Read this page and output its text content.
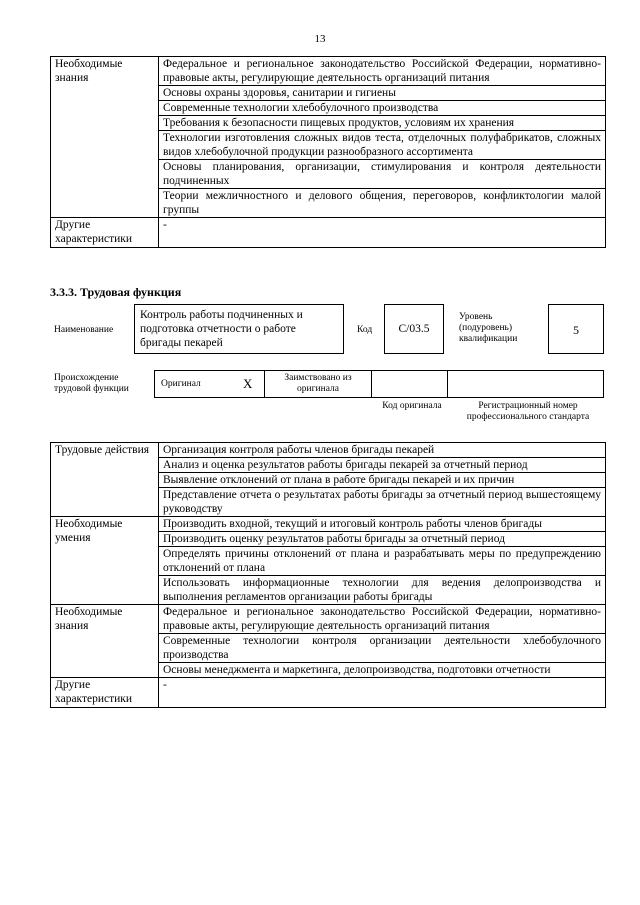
13
Необходимые знания	Федеральное и региональное законодательство Российской Федерации, нормативно-правовые акты, регулирующие деятельность организаций питания
	Основы охраны здоровья, санитарии и гигиены
	Современные технологии хлебобулочного производства
	Требования к безопасности пищевых продуктов, условиям их хранения
	Технологии изготовления сложных видов теста, отделочных полуфабрикатов, сложных видов хлебобулочной продукции разнообразного ассортимента
	Основы планирования, организации, стимулирования и контроля деятельности подчиненных
	Теории межличностного и делового общения, переговоров, конфликтологии малой группы
Другие характеристики	-
3.3.3. Трудовая функция
Наименование
Контроль работы подчиненных и подготовка отчетности о работе бригады пекарей
Код	С/03.5
Уровень (подуровень) квалификации
5
Происхождение трудовой функции	Оригинал	X	Заимствовано из оригинала
Код оригинала	Регистрационный номер профессионального стандарта
Трудовые действия	Организация контроля работы членов бригады пекарей
	Анализ и оценка результатов работы бригады пекарей за отчетный период
	Выявление отклонений от плана в работе бригады пекарей и их причин
	Представление отчета о результатах работы бригады за отчетный период вышестоящему руководству
Необходимые умения	Производить входной, текущий и итоговый контроль работы членов бригады
	Производить оценку результатов работы бригады за отчетный период
	Определять причины отклонений от плана и разрабатывать меры по предупреждению отклонений от плана
	Использовать информационные технологии для ведения делопроизводства и выполнения регламентов организации работы бригады
Необходимые знания	Федеральное и региональное законодательство Российской Федерации, нормативно-правовые акты, регулирующие деятельность организаций питания
	Современные технологии контроля организации деятельности хлебобулочного производства
	Основы менеджмента и маркетинга, делопроизводства, подготовки отчетности
Другие характеристики	-
